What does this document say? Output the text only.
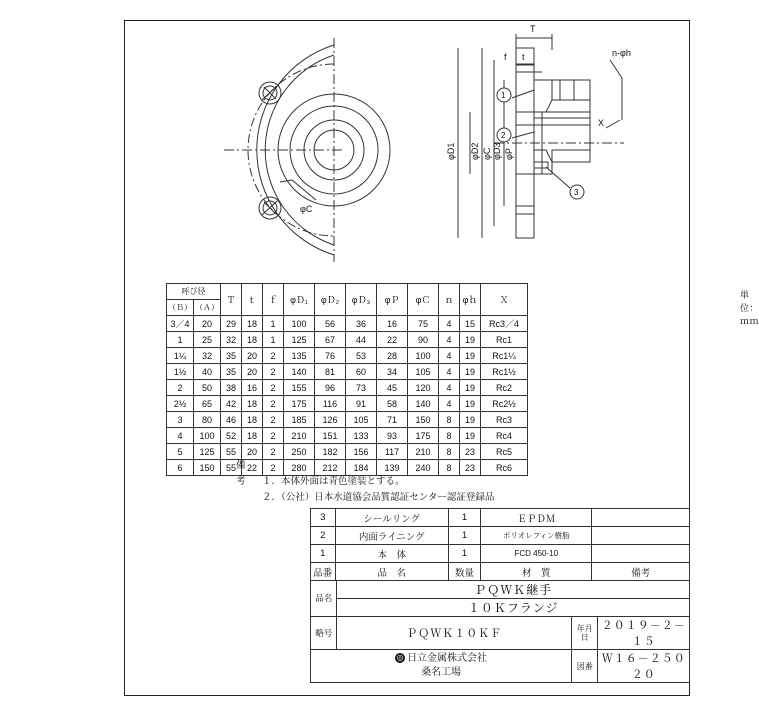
φC
1
2
3
T
t
f	n-φh
X
φD1 φD2 φD3 φP
φC
単位：ｍｍ
呼び径		Ｔ	ｔ	ｆ	φＤ₁	φＤ₂	φＤ₃	φＰ	φＣ	ｎ	φｈ	Ｘ
（Ｂ）	（Ａ）											
3／4	20	29	18	1	100	56	36	16	75	4	15	Rc3／4
1	25	32	18	1	125	67	44	22	90	4	19	Rc1
1¼	32	35	20	2	135	76	53	28	100	4	19	Rc1¼
1½	40	35	20	2	140	81	60	34	105	4	19	Rc1½
2	50	38	16	2	155	96	73	45	120	4	19	Rc2
2½	65	42	18	2	175	116	91	58	140	4	19	Rc2½
3	80	46	18	2	185	126	105	71	150	8	19	Rc3
4	100	52	18	2	210	151	133	93	175	8	19	Rc4
5	125	55	20	2	250	182	156	117	210	8	23	Rc5
6	150	55	22	2	280	212	184	139	240	8	23	Rc6
備考 １．本体外面は青色塗装とする。
２．（公社）日本水道協会品質認証センター認証登録品
3	シールリング	1	ＥＰＤＭ	
2	内面ライニング	1	ポリオレフィン樹脂	
1	本　体	1	FCD 450-10	
品番	品　名	数量	材　質	備考
品名	ＰＱＷＫ継手		
	１０Ｋフランジ		
略号	ＰＱＷＫ１０ＫＦ	年月日	２０１９－２－１５

◎ 日立金属株式会社
桑名工場		図番	Ｗ１６－２５０２０
